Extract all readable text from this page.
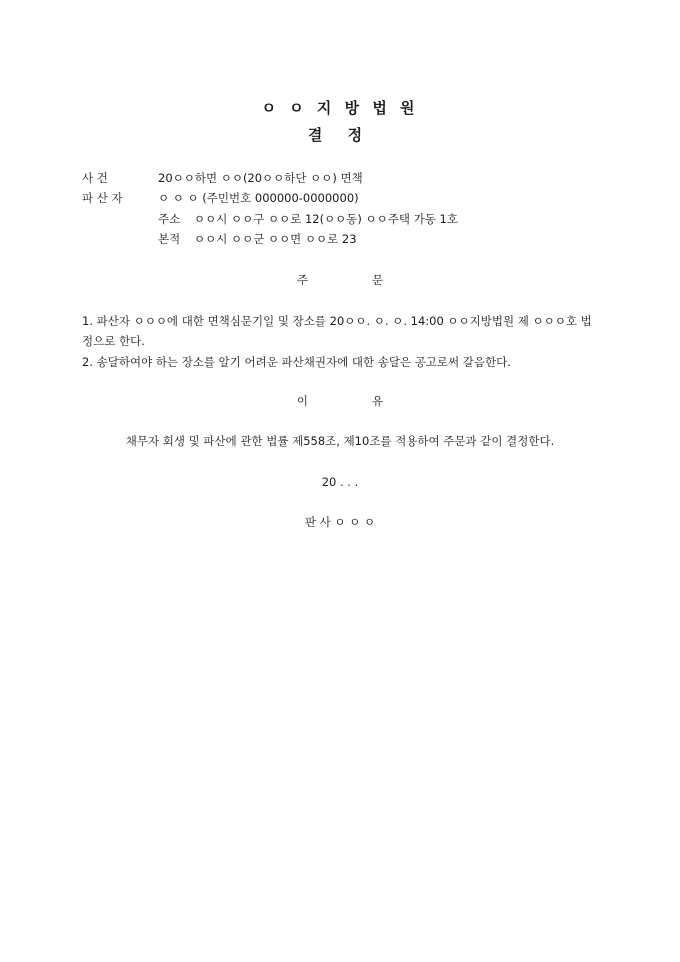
ㅇ ㅇ 지 방 법 원
결 정
사 건	20ㅇㅇ하면 ㅇㅇ(20ㅇㅇ하단 ㅇㅇ) 면책
파 산 자	ㅇ ㅇ ㅇ (주민번호 000000-0000000)
주소 ㅇㅇ시 ㅇㅇ구 ㅇㅇ로 12(ㅇㅇ동) ㅇㅇ주택 가동 1호
본적 ㅇㅇ시 ㅇㅇ군 ㅇㅇ면 ㅇㅇ로 23
주	문
1. 파산자 ㅇㅇㅇ에 대한 면책심문기일 및 장소를 20ㅇㅇ. ㅇ. ㅇ. 14:00 ㅇㅇ지방법원 제 ㅇㅇㅇ호 법정으로 한다.
2. 송달하여야 하는 장소를 알기 어려운 파산채권자에 대한 송달은 공고로써 갈음한다.
이	유
채무자 회생 및 파산에 관한 법률 제558조, 제10조를 적용하여 주문과 같이 결정한다.
20 . . .
판 사 ㅇ ㅇ ㅇ
